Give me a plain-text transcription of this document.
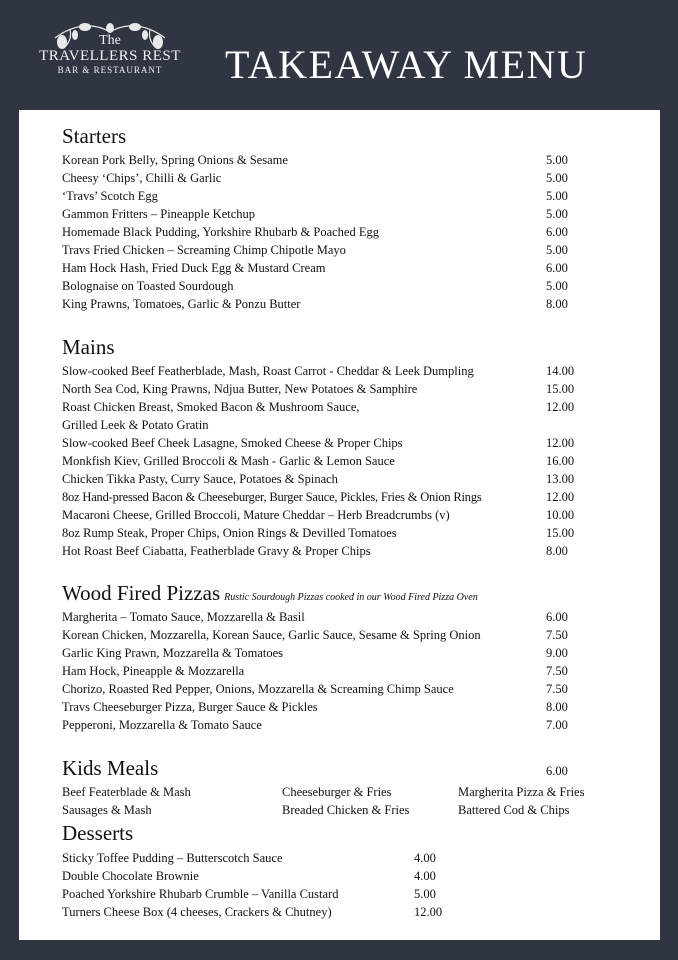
The
TRAVELLERS REST
BAR & RESTAURANT	TAKEAWAY MENU
Starters
Korean Pork Belly, Spring Onions & Sesame	5.00
Cheesy ‘Chips’, Chilli & Garlic	5.00
‘Travs’ Scotch Egg	5.00
Gammon Fritters – Pineapple Ketchup	5.00
Homemade Black Pudding, Yorkshire Rhubarb & Poached Egg	6.00
Travs Fried Chicken – Screaming Chimp Chipotle Mayo	5.00
Ham Hock Hash, Fried Duck Egg & Mustard Cream	6.00
Bolognaise on Toasted Sourdough	5.00
King Prawns, Tomatoes, Garlic & Ponzu Butter	8.00
Mains
Slow-cooked Beef Featherblade, Mash, Roast Carrot - Cheddar & Leek Dumpling	14.00
North Sea Cod, King Prawns, Ndjua Butter, New Potatoes & Samphire	15.00
Roast Chicken Breast, Smoked Bacon & Mushroom Sauce,	12.00
Grilled Leek & Potato Gratin
Slow-cooked Beef Cheek Lasagne, Smoked Cheese & Proper Chips	12.00
Monkfish Kiev, Grilled Broccoli & Mash - Garlic & Lemon Sauce	16.00
Chicken Tikka Pasty, Curry Sauce, Potatoes & Spinach	13.00
8oz Hand-pressed Bacon & Cheeseburger, Burger Sauce, Pickles, Fries & Onion Rings	12.00
Macaroni Cheese, Grilled Broccoli, Mature Cheddar – Herb Breadcrumbs (v)	10.00
8oz Rump Steak, Proper Chips, Onion Rings & Devilled Tomatoes	15.00
Hot Roast Beef Ciabatta, Featherblade Gravy & Proper Chips	8.00
Wood Fired Pizzas Rustic Sourdough Pizzas cooked in our Wood Fired Pizza Oven
Margherita – Tomato Sauce, Mozzarella & Basil	6.00
Korean Chicken, Mozzarella, Korean Sauce, Garlic Sauce, Sesame & Spring Onion	7.50
Garlic King Prawn, Mozzarella & Tomatoes	9.00
Ham Hock, Pineapple & Mozzarella	7.50
Chorizo, Roasted Red Pepper, Onions, Mozzarella & Screaming Chimp Sauce	7.50
Travs Cheeseburger Pizza, Burger Sauce & Pickles	8.00
Pepperoni, Mozzarella & Tomato Sauce	7.00
Kids Meals	6.00
Beef Featerblade & Mash	Cheeseburger & Fries	Margherita Pizza & Fries
Sausages & Mash	Breaded Chicken & Fries	Battered Cod & Chips
Desserts
Sticky Toffee Pudding – Butterscotch Sauce	4.00
Double Chocolate Brownie	4.00
Poached Yorkshire Rhubarb Crumble – Vanilla Custard	5.00
Turners Cheese Box (4 cheeses, Crackers & Chutney)	12.00
